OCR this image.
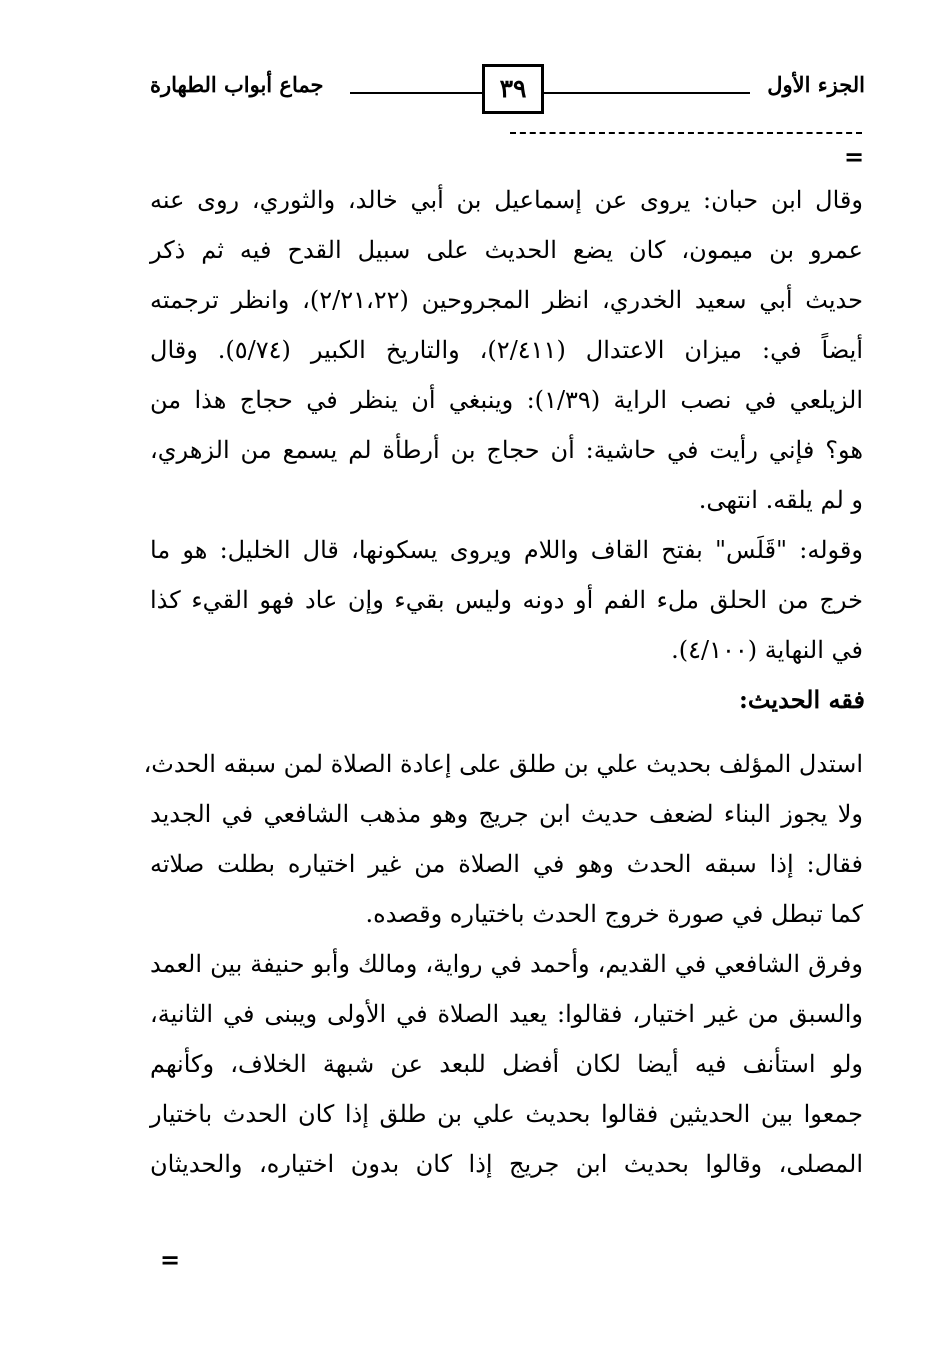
الجزء الأول
٣٩
جماع أبواب الطهارة
=
وقال ابن حبان: يروى عن إسماعيل بن أبي خالد، والثوري، روى عنه
عمرو بن ميمون، كان يضع الحديث على سبيل القدح فيه ثم ذكر
حديث أبي سعيد الخدري، انظر المجروحين (٢/٢١،٢٢)، وانظر ترجمته
أيضاً في: ميزان الاعتدال (٢/٤١١)، والتاريخ الكبير (٥/٧٤). وقال
الزيلعي في نصب الراية (١/٣٩): وينبغي أن ينظر في حجاج هذا من
هو؟ فإني رأيت في حاشية: أن حجاج بن أرطأة لم يسمع من الزهري،
و لم يلقه. انتهى.
وقوله: "قَلَس" بفتح القاف واللام ويروى يسكونها، قال الخليل: هو ما
خرج من الحلق ملء الفم أو دونه وليس بقيء وإن عاد فهو القيء كذا
في النهاية (٤/١٠٠).
فقه الحديث:
استدل المؤلف بحديث علي بن طلق على إعادة الصلاة لمن سبقه الحدث،
ولا يجوز البناء لضعف حديث ابن جريج وهو مذهب الشافعي في الجديد
فقال: إذا سبقه الحدث وهو في الصلاة من غير اختياره بطلت صلاته
كما تبطل في صورة خروج الحدث باختياره وقصده.
وفرق الشافعي في القديم، وأحمد في رواية، ومالك وأبو حنيفة بين العمد
والسبق من غير اختيار، فقالوا: يعيد الصلاة في الأولى ويبنى في الثانية،
ولو استأنف فيه أيضا لكان أفضل للبعد عن شبهة الخلاف، وكأنهم
جمعوا بين الحديثين فقالوا بحديث علي بن طلق إذا كان الحدث باختيار
المصلى، وقالوا بحديث ابن جريج إذا كان بدون اختياره، والحديثان
=
